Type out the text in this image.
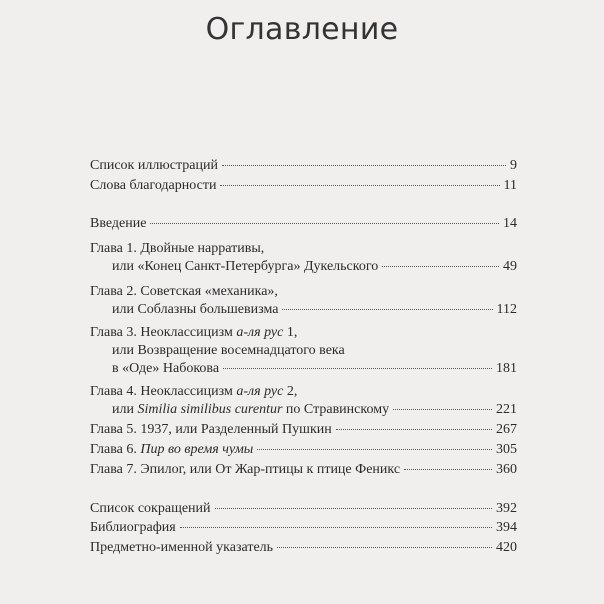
Оглавление
Список иллюстраций	9
Слова благодарности	11
Введение	14
Глава 1. Двойные нарративы,
или «Конец Санкт-Петербурга» Дукельского	49
Глава 2. Советская «механика»,
или Соблазны большевизма	112
Глава 3. Неоклассицизм а-ля рус 1,
или Возвращение восемнадцатого века
в «Оде» Набокова	181
Глава 4. Неоклассицизм а-ля рус 2,
или Similia similibus curentur по Стравинскому	221
Глава 5. 1937, или Разделенный Пушкин	267
Глава 6. Пир во время чумы	305
Глава 7. Эпилог, или От Жар-птицы к птице Феникс	360
Список сокращений	392
Библиография	394
Предметно-именной указатель	420
